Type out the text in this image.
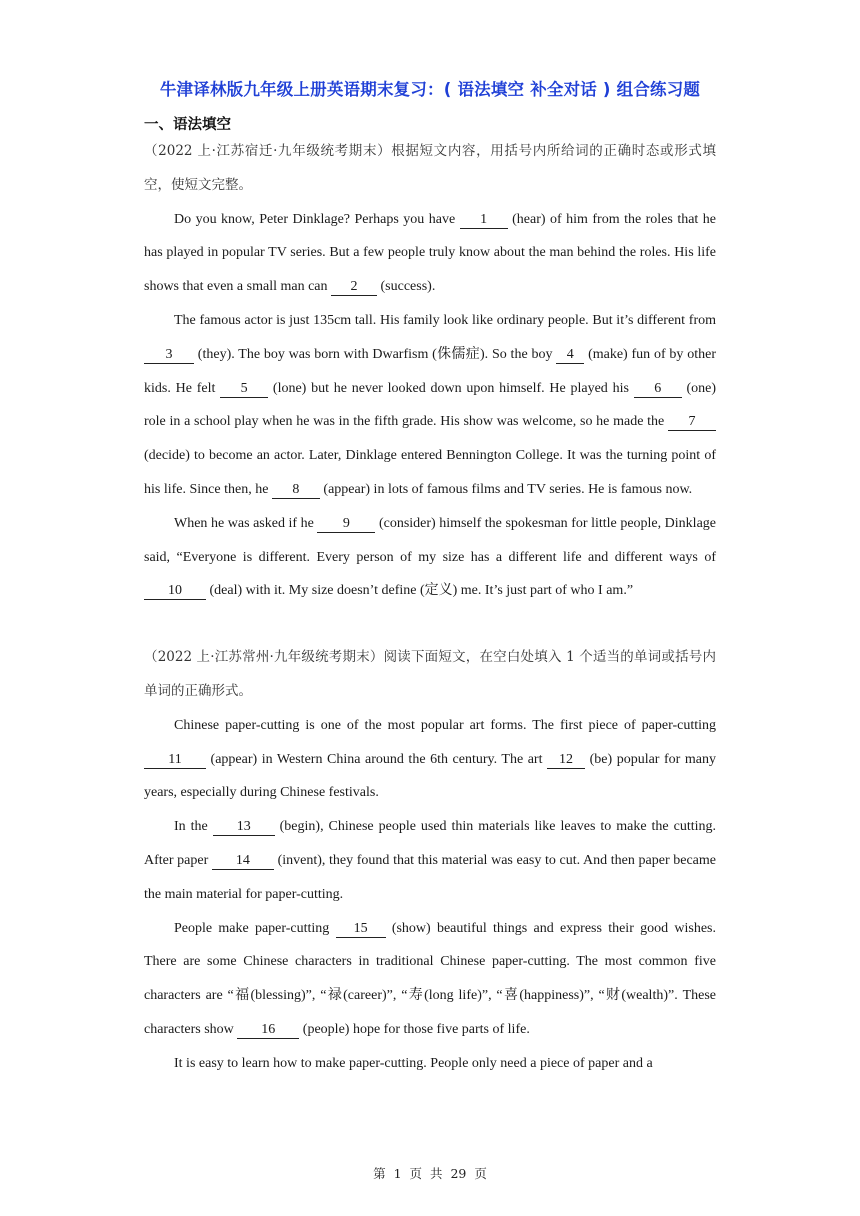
牛津译林版九年级上册英语期末复习：( 语法填空 补全对话 ) 组合练习题
一、语法填空

（2022 上·江苏宿迁·九年级统考期末）根据短文内容，用括号内所给词的正确时态或形式填空，使短文完整。

Do you know, Peter Dinklage? Perhaps you have 1 (hear) of him from the roles that he has played in popular TV series. But a few people truly know about the man behind the roles. His life shows that even a small man can 2 (success).

The famous actor is just 135cm tall. His family look like ordinary people. But it’s different from 3 (they). The boy was born with Dwarfism (侏儒症). So the boy 4 (make) fun of by other kids. He felt 5 (lone) but he never looked down upon himself. He played his 6 (one) role in a school play when he was in the fifth grade. His show was welcome, so he made the 7 (decide) to become an actor. Later, Dinklage entered Bennington College. It was the turning point of his life. Since then, he 8 (appear) in lots of famous films and TV series. He is famous now.

When he was asked if he 9 (consider) himself the spokesman for little people, Dinklage said, “Everyone is different. Every person of my size has a different life and different ways of 10 (deal) with it. My size doesn’t define (定义) me. It’s just part of who I am.”

（2022 上·江苏常州·九年级统考期末）阅读下面短文，在空白处填入 1 个适当的单词或括号内单词的正确形式。

Chinese paper-cutting is one of the most popular art forms. The first piece of paper-cutting 11 (appear) in Western China around the 6th century. The art 12 (be) popular for many years, especially during Chinese festivals.

In the 13 (begin), Chinese people used thin materials like leaves to make the cutting. After paper 14 (invent), they found that this material was easy to cut. And then paper became the main material for paper-cutting.

People make paper-cutting 15 (show) beautiful things and express their good wishes. There are some Chinese characters in traditional Chinese paper-cutting. The most common five characters are “福(blessing)”, “禄(career)”, “寿(long life)”, “喜(happiness)”, “财(wealth)”. These characters show 16 (people) hope for those five parts of life.

It is easy to learn how to make paper-cutting. People only need a piece of paper and a

第 1 页 共 29 页
